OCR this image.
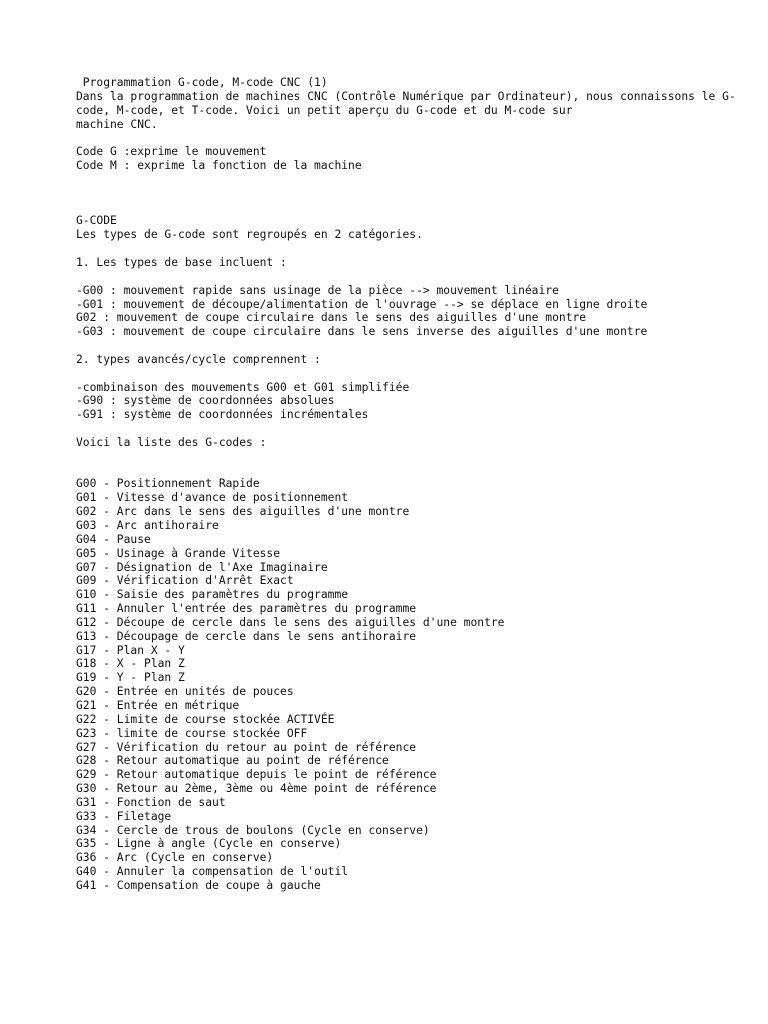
Programmation G-code, M-code CNC (1)
Dans la programmation de machines CNC (Contrôle Numérique par Ordinateur), nous connaissons le G-
code, M-code, et T-code. Voici un petit aperçu du G-code et du M-code sur
machine CNC.
Code G :exprime le mouvement
Code M : exprime la fonction de la machine
G-CODE
Les types de G-code sont regroupés en 2 catégories.
1. Les types de base incluent :
-G00 : mouvement rapide sans usinage de la pièce --> mouvement linéaire
-G01 : mouvement de découpe/alimentation de l'ouvrage --> se déplace en ligne droite
G02 : mouvement de coupe circulaire dans le sens des aiguilles d'une montre
-G03 : mouvement de coupe circulaire dans le sens inverse des aiguilles d'une montre
2. types avancés/cycle comprennent :
-combinaison des mouvements G00 et G01 simplifiée
-G90 : système de coordonnées absolues
-G91 : système de coordonnées incrémentales
Voici la liste des G-codes :
G00 - Positionnement Rapide
G01 - Vitesse d'avance de positionnement
G02 - Arc dans le sens des aiguilles d'une montre
G03 - Arc antihoraire
G04 - Pause
G05 - Usinage à Grande Vitesse
G07 - Désignation de l'Axe Imaginaire
G09 - Vérification d'Arrêt Exact
G10 - Saisie des paramètres du programme
G11 - Annuler l'entrée des paramètres du programme
G12 - Découpe de cercle dans le sens des aiguilles d'une montre
G13 - Découpage de cercle dans le sens antihoraire
G17 - Plan X - Y
G18 - X - Plan Z
G19 - Y - Plan Z
G20 - Entrée en unités de pouces
G21 - Entrée en métrique
G22 - Limite de course stockée ACTIVÉE
G23 - limite de course stockée OFF
G27 - Vérification du retour au point de référence
G28 - Retour automatique au point de référence
G29 - Retour automatique depuis le point de référence
G30 - Retour au 2ème, 3ème ou 4ème point de référence
G31 - Fonction de saut
G33 - Filetage
G34 - Cercle de trous de boulons (Cycle en conserve)
G35 - Ligne à angle (Cycle en conserve)
G36 - Arc (Cycle en conserve)
G40 - Annuler la compensation de l'outil
G41 - Compensation de coupe à gauche
